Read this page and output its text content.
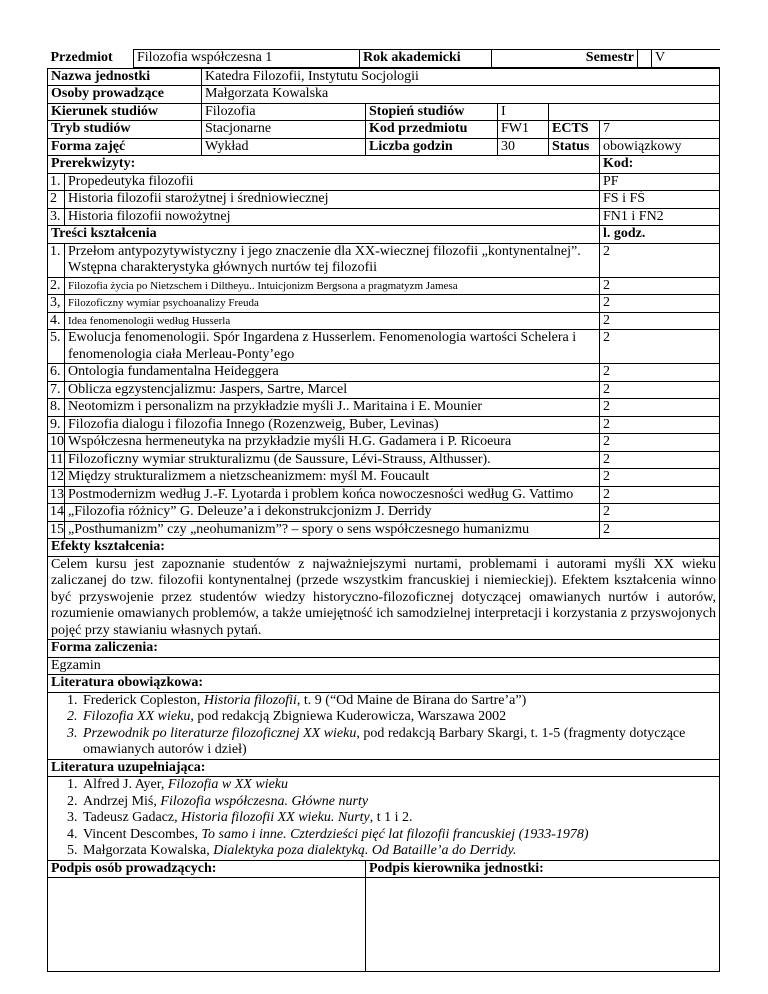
Przedmiot	Filozofia współczesna 1	Rok akademicki		Semestr		V

Nazwa jednostki	Katedra Filozofii, Instytutu Socjologii
Osoby prowadzące	Małgorzata Kowalska
Kierunek studiów	Filozofia	Stopień studiów	I	
Tryb studiów	Stacjonarne	Kod przedmiotu	FW1	ECTS	7
Forma zajęć	Wykład	Liczba godzin	30	Status	obowiązkowy
Prerekwizyty:	Kod:
1.	Propedeutyka filozofii	PF
2	Historia filozofii starożytnej i średniowiecznej	FS i FŚ
3.	Historia filozofii nowożytnej	FN1 i FN2
Treści kształcenia	l. godz.
1.	Przełom antypozytywistyczny i jego znaczenie dla XX-wiecznej filozofii „kontynentalnej”. Wstępna charakterystyka głównych nurtów tej filozofii	2
2.	Filozofia życia po Nietzschem i Diltheyu.. Intuicjonizm Bergsona a pragmatyzm Jamesa	2
3,	Filozoficzny wymiar psychoanalizy Freuda	2
4.	Idea fenomenologii według Husserla	2
5.	Ewolucja fenomenologii. Spór Ingardena z Husserlem. Fenomenologia wartości Schelera i fenomenologia ciała Merleau-Ponty’ego	2
6.	Ontologia fundamentalna Heideggera	2
7.	Oblicza egzystencjalizmu: Jaspers, Sartre, Marcel	2
8.	Neotomizm i personalizm na przykładzie myśli J.. Maritaina i E. Mounier	2
9.	Filozofia dialogu i filozofia Innego (Rozenzweig, Buber, Levinas)	2
10	Współczesna hermeneutyka na przykładzie myśli H.G. Gadamera i P. Ricoeura	2
11	Filozoficzny wymiar strukturalizmu (de Saussure, Lévi-Strauss, Althusser).	2
12	Między strukturalizmem a nietzscheanizmem: myśl M. Foucault	2
13	Postmodernizm według J.-F. Lyotarda i problem końca nowoczesności według G. Vattimo	2
14	„Filozofia różnicy” G. Deleuze’a i dekonstrukcjonizm J. Derridy	2
15	„Posthumanizm” czy „neohumanizm”? – spory o sens współczesnego humanizmu	2
Efekty kształcenia:
Celem kursu jest zapoznanie studentów z najważniejszymi nurtami, problemami i autorami myśli XX wieku zaliczanej do tzw. filozofii kontynentalnej (przede wszystkim francuskiej i niemieckiej). Efektem kształcenia winno być przyswojenie przez studentów wiedzy historyczno-filozoficznej dotyczącej omawianych nurtów i autorów, rozumienie omawianych problemów, a także umiejętność ich samodzielnej interpretacji i korzystania z przyswojonych pojęć przy stawianiu własnych pytań.
Forma zaliczenia:
Egzamin
Literatura obowiązkowa:

1. Frederick Copleston, Historia filozofii, t. 9 (“Od Maine de Birana do Sartre’a”)
2. Filozofia XX wieku, pod redakcją Zbigniewa Kuderowicza, Warszawa 2002
3. Przewodnik po literaturze filozoficznej XX wieku, pod redakcją Barbary Skargi, t. 1-5 (fragmenty dotyczące omawianych autorów i dzieł)

Literatura uzupełniająca:

1. Alfred J. Ayer, Filozofia w XX wieku
2. Andrzej Miś, Filozofia współczesna. Główne nurty
3. Tadeusz Gadacz, Historia filozofii XX wieku. Nurty, t 1 i 2.
4. Vincent Descombes, To samo i inne. Czterdzieści pięć lat filozofii francuskiej (1933-1978)
5. Małgorzata Kowalska, Dialektyka poza dialektyką. Od Bataille’a do Derridy.

Podpis osób prowadzących:	Podpis kierownika jednostki:
